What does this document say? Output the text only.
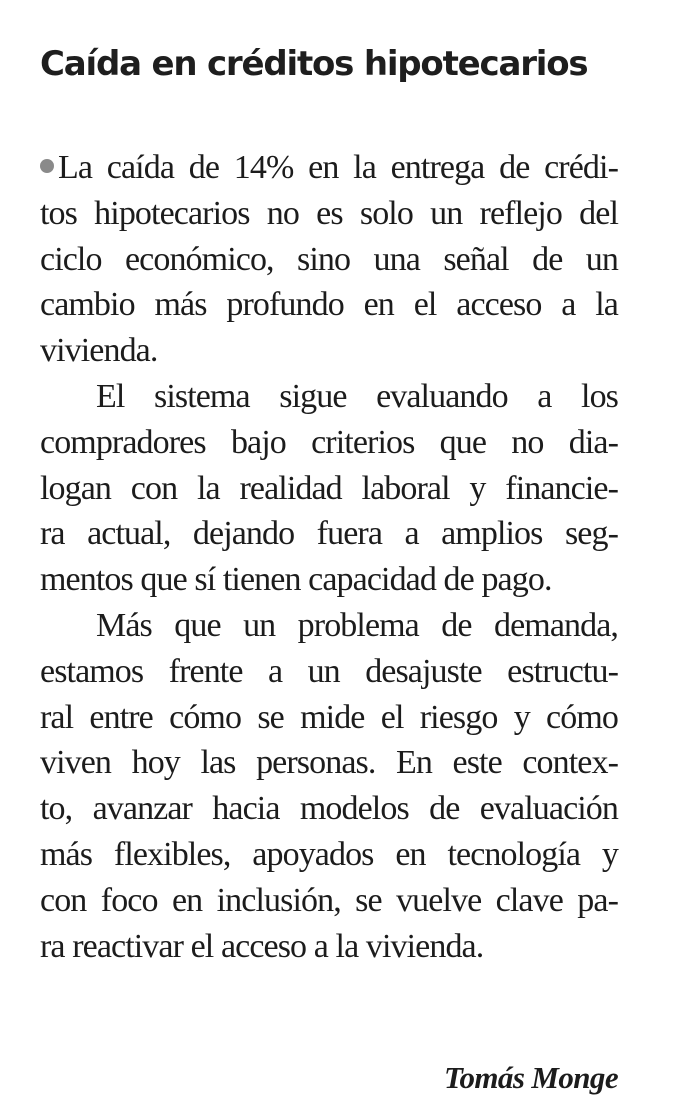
Caída en créditos hipotecarios
La caída de 14% en la entrega de crédi-
tos hipotecarios no es solo un reflejo del
ciclo económico, sino una señal de un
cambio más profundo en el acceso a la
vivienda.
El sistema sigue evaluando a los
compradores bajo criterios que no dia-
logan con la realidad laboral y financie-
ra actual, dejando fuera a amplios seg-
mentos que sí tienen capacidad de pago.
Más que un problema de demanda,
estamos frente a un desajuste estructu-
ral entre cómo se mide el riesgo y cómo
viven hoy las personas. En este contex-
to, avanzar hacia modelos de evaluación
más flexibles, apoyados en tecnología y
con foco en inclusión, se vuelve clave pa-
ra reactivar el acceso a la vivienda.

Tomás Monge
